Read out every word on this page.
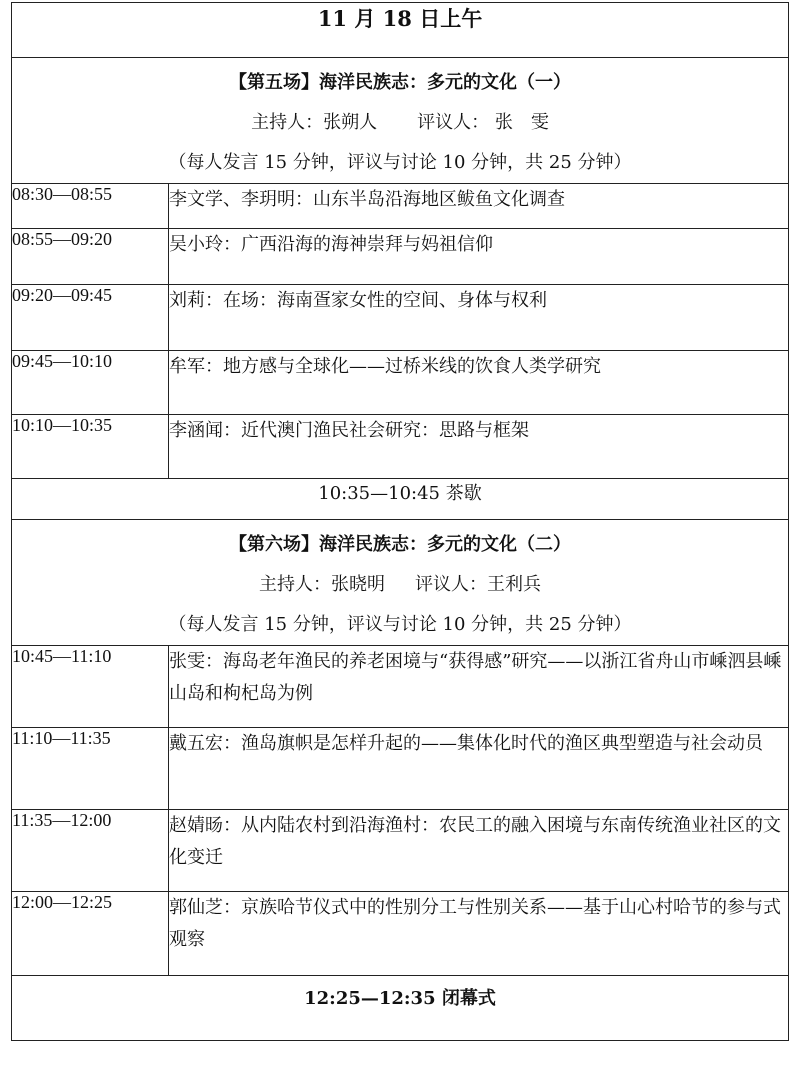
11 月 18 日上午	

【第五场】海洋民族志：多元的文化（一）
主持人：张朔人 评议人： 张　雯
（每人发言 15 分钟，评议与讨论 10 分钟，共 25 分钟）	

08:30—08:55	李文学、李玥明：山东半岛沿海地区鲅鱼文化调查
08:55—09:20	吴小玲：广西沿海的海神崇拜与妈祖信仰
09:20—09:45	刘莉：在场：海南疍家女性的空间、身体与权利
09:45—10:10	牟军：地方感与全球化——过桥米线的饮食人类学研究
10:10—10:35	李涵闻：近代澳门渔民社会研究：思路与框架
10:35—10:45 茶歇	

【第六场】海洋民族志：多元的文化（二）
主持人：张晓明 评议人：王利兵
（每人发言 15 分钟，评议与讨论 10 分钟，共 25 分钟）	

10:45—11:10	张雯：海岛老年渔民的养老困境与“获得感”研究——以浙江省舟山市嵊泗县嵊山岛和枸杞岛为例
11:10—11:35	戴五宏：渔岛旗帜是怎样升起的——集体化时代的渔区典型塑造与社会动员
11:35—12:00	赵婧旸：从内陆农村到沿海渔村：农民工的融入困境与东南传统渔业社区的文化变迁
12:00—12:25	郭仙芝：京族哈节仪式中的性别分工与性别关系——基于山心村哈节的参与式观察
12:25—12:35 闭幕式	
